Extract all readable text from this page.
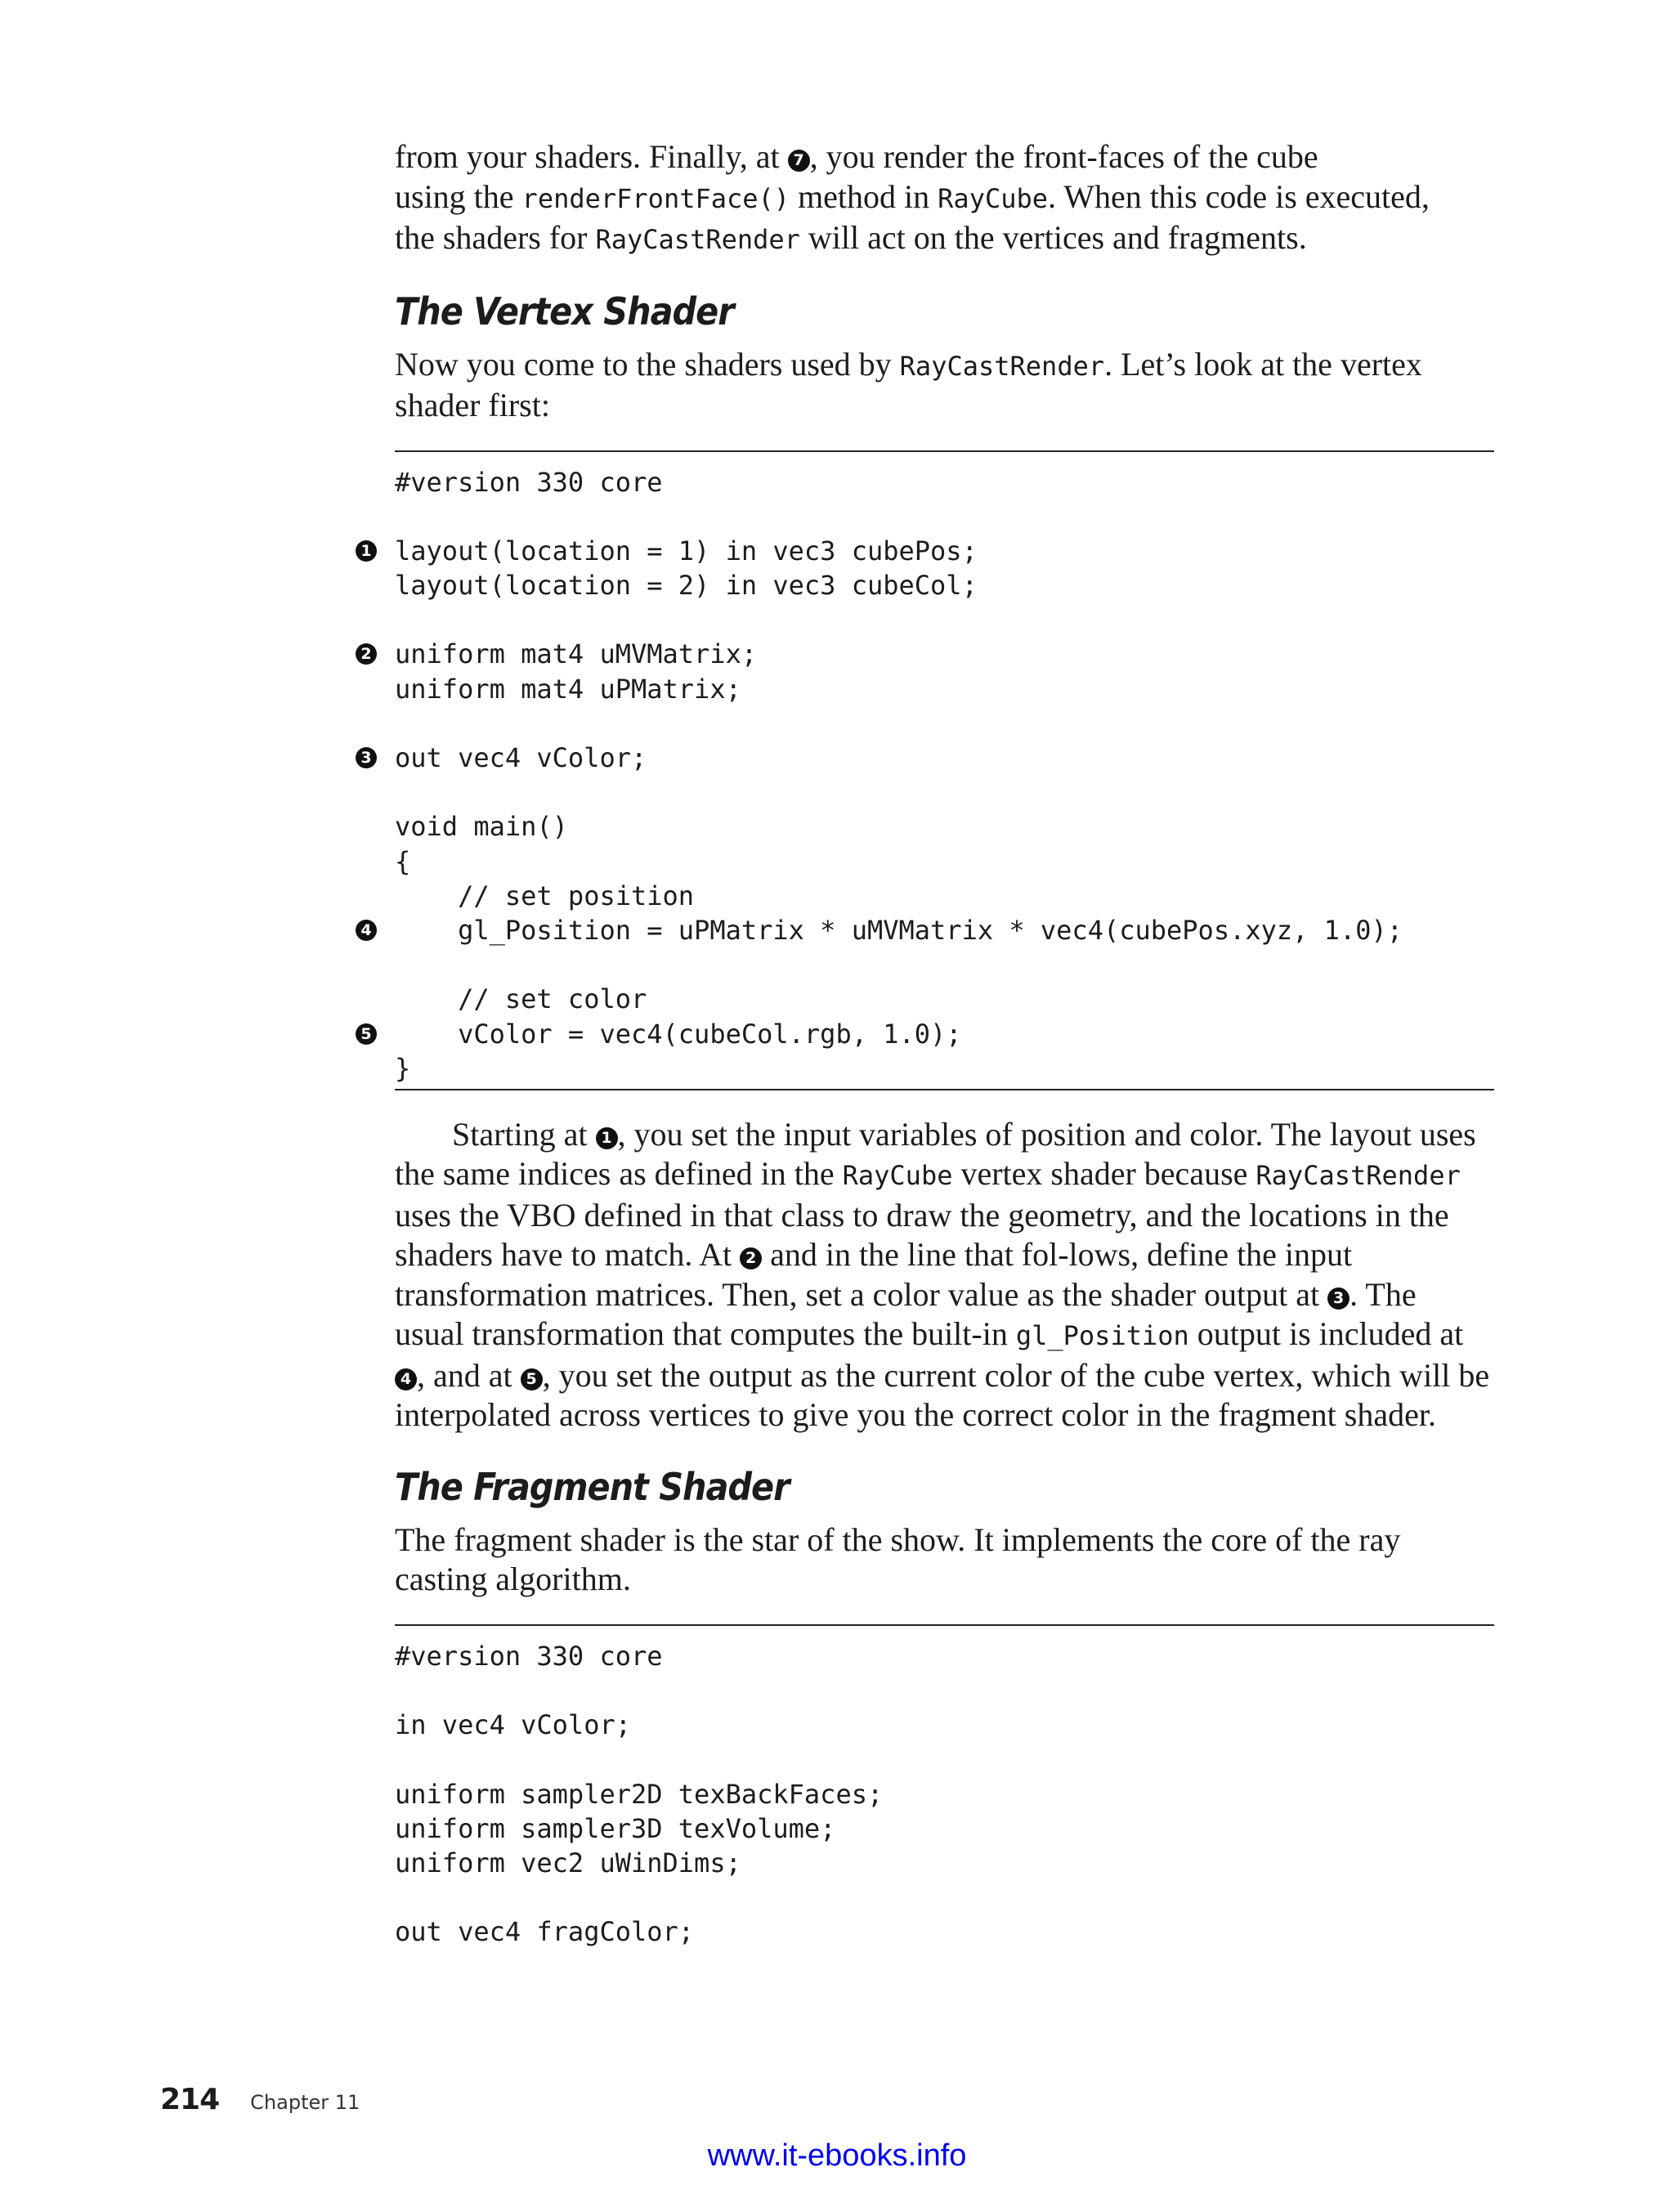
from your shaders. Finally, at 7 , you render the front-faces of the cube
using the renderFrontFace() method in RayCube. When this code is executed,
the shaders for RayCastRender will act on the vertices and fragments.

The Vertex Shader

Now you come to the shaders used by RayCastRender. Let’s look at the vertex shader first:

#version 330 core
1 layout(location = 1) in vec3 cubePos;
layout(location = 2) in vec3 cubeCol;
2 uniform mat4 uMVMatrix;
uniform mat4 uPMatrix;
3 out vec4 vColor;
void main()
{
// set position
4 gl_Position = uPMatrix * uMVMatrix * vec4(cubePos.xyz, 1.0);
// set color
5 vColor = vec4(cubeCol.rgb, 1.0);
}

Starting at 1 , you set the input variables of position and color. The layout uses the same indices as defined in the RayCube vertex shader because RayCastRender uses the VBO defined in that class to draw the geometry, and the locations in the shaders have to match. At 2 and in the line that fol-lows, define the input transformation matrices. Then, set a color value as the shader output at 3 . The usual transformation that computes the built-in gl_Position output is included at 4 , and at 5 , you set the output as the current color of the cube vertex, which will be interpolated across vertices to give you the correct color in the fragment shader.

The Fragment Shader

The fragment shader is the star of the show. It implements the core of the ray casting algorithm.

#version 330 core
in vec4 vColor;
uniform sampler2D texBackFaces;
uniform sampler3D texVolume;
uniform vec2 uWinDims;
out vec4 fragColor;
214 Chapter 11
www.it-ebooks.info
